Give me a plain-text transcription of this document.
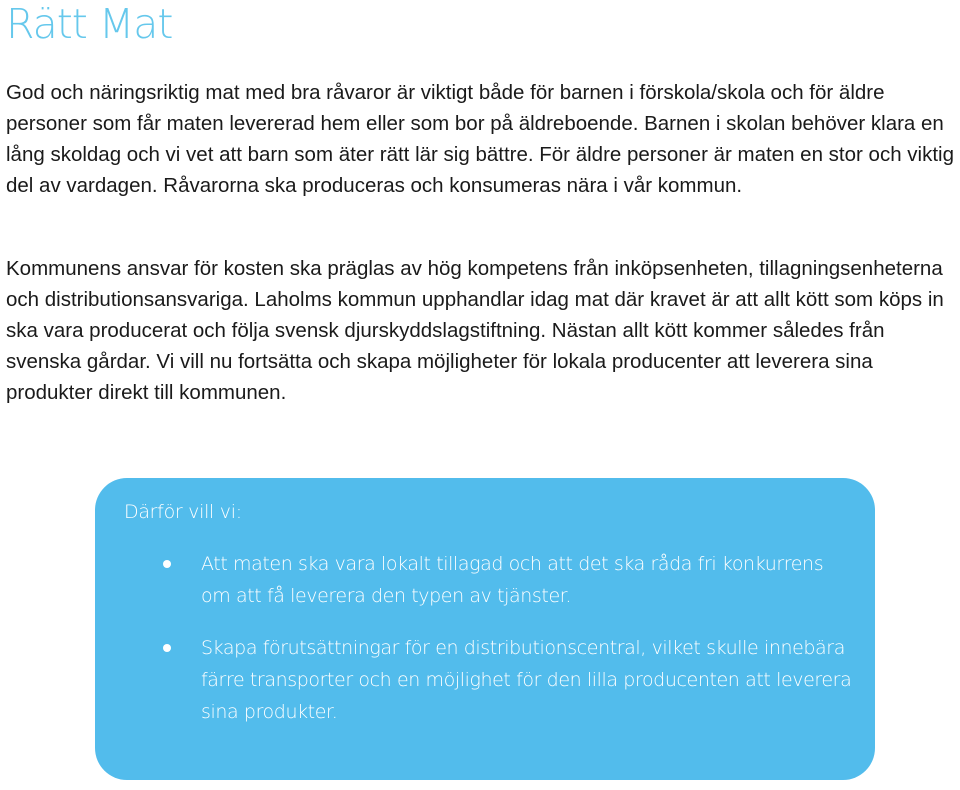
Rätt Mat

God och näringsriktig mat med bra råvaror är viktigt både för barnen i förskola/skola och för äldre personer som får maten levererad hem eller som bor på äldreboende. Barnen i skolan behöver klara en lång skoldag och vi vet att barn som äter rätt lär sig bättre. För äldre personer är maten en stor och viktig del av vardagen. Råvarorna ska produceras och konsumeras nära i vår kommun.

Kommunens ansvar för kosten ska präglas av hög kompetens från inköpsenheten, tillagningsenheterna och distributionsansvariga. Laholms kommun upphandlar idag mat där kravet är att allt kött som köps in ska vara producerat och följa svensk djurskyddslagstiftning. Nästan allt kött kommer således från svenska gårdar. Vi vill nu fortsätta och skapa möjligheter för lokala producenter att leverera sina produkter direkt till kommunen.

Därför vill vi:
Att maten ska vara lokalt tillagad och att det ska råda fri konkurrens om att få leverera den typen av tjänster.
Skapa förutsättningar för en distributionscentral, vilket skulle innebära färre transporter och en möjlighet för den lilla producenten att leverera sina produkter.
